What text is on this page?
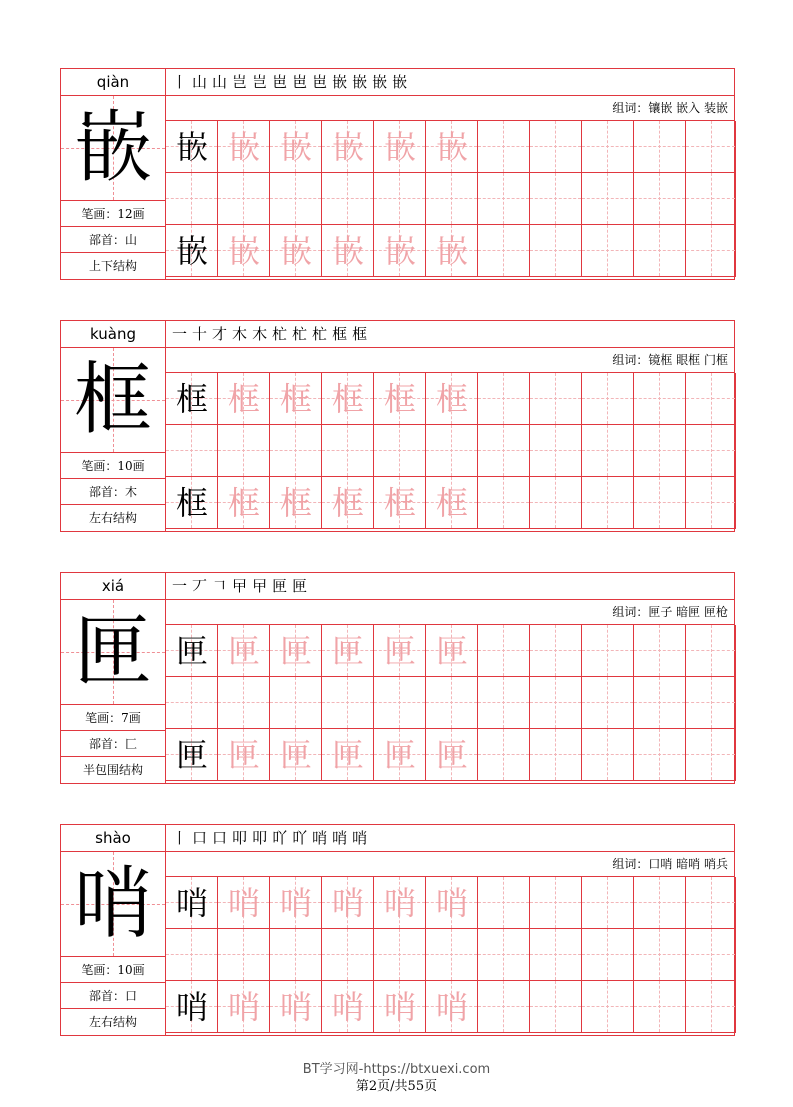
qiàn
嵌
笔画：12画
部首：山
上下结构
丨 山 山 岂 岂 岜 岜 岜 嵌 嵌 嵌 嵌
组词：镶嵌 嵌入 装嵌
嵌 嵌 嵌 嵌 嵌 嵌
嵌 嵌 嵌 嵌 嵌 嵌
kuàng
框
笔画：10画
部首：木
左右结构
一 十 才 木 木 杧 杧 杧 框 框
组词：镜框 眼框 门框
框 框 框 框 框 框
框 框 框 框 框 框
xiá
匣
笔画：7画
部首：匚
半包围结构
一 丆 𠃍 曱 曱 匣 匣
组词：匣子 暗匣 匣枪
匣 匣 匣 匣 匣 匣
匣 匣 匣 匣 匣 匣
shào
哨
笔画：10画
部首：口
左右结构
丨 口 口 叩 叩 吖 吖 哨 哨 哨
组词：口哨 暗哨 哨兵
哨 哨 哨 哨 哨 哨
哨 哨 哨 哨 哨 哨
BT学习网-https://btxuexi.com
第2页/共55页
